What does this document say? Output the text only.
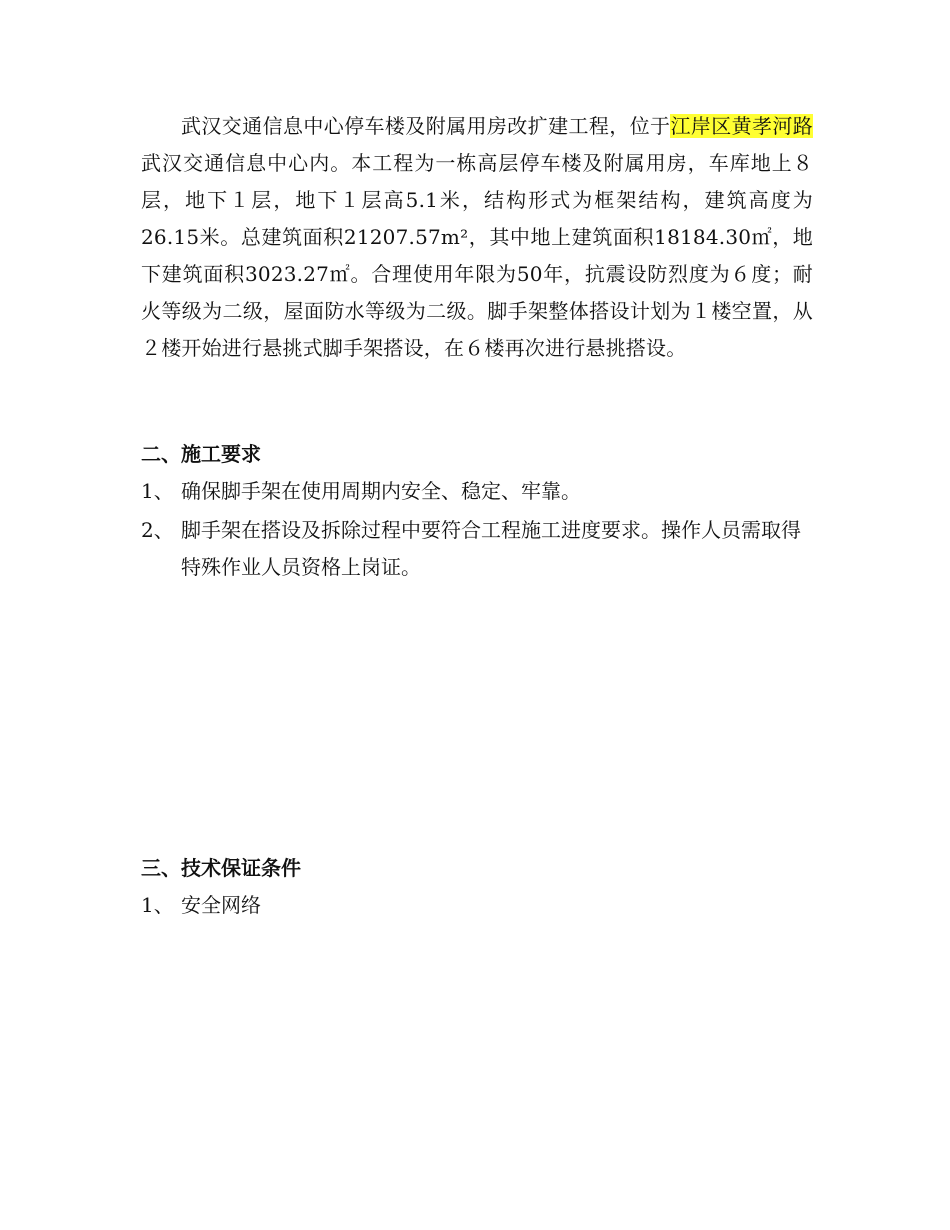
武汉交通信息中心停车楼及附属用房改扩建工程，位于江岸区黄孝河路武汉交通信息中心内。本工程为一栋高层停车楼及附属用房，车库地上８层，地下１层，地下１层高5.1米，结构形式为框架结构，建筑高度为26.15米。总建筑面积21207.57m²，其中地上建筑面积18184.30㎡，地下建筑面积3023.27㎡。合理使用年限为50年，抗震设防烈度为６度；耐火等级为二级，屋面防水等级为二级。脚手架整体搭设计划为１楼空置，从２楼开始进行悬挑式脚手架搭设，在６楼再次进行悬挑搭设。

二、施工要求
1、 确保脚手架在使用周期内安全、稳定、牢靠。
2、 脚手架在搭设及拆除过程中要符合工程施工进度要求。操作人员需取得特殊作业人员资格上岗证。
三、技术保证条件
1、 安全网络
